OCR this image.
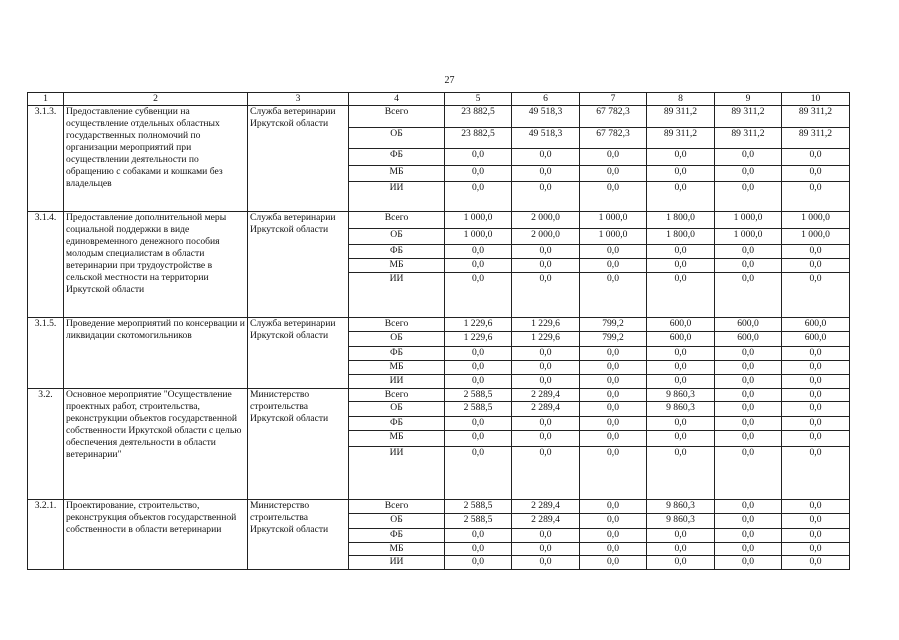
27
1	2	3	4	5	6	7	8	9	10
3.1.3.	Предоставление субвенции на осуществление отдельных областных государственных полномочий по организации мероприятий при осуществлении деятельности по обращению с собаками и кошками без владельцев	Служба ветеринарии Иркутской области	Всего	23 882,5	49 518,3	67 782,3	89 311,2	89 311,2	89 311,2
			ОБ	23 882,5	49 518,3	67 782,3	89 311,2	89 311,2	89 311,2
			ФБ	0,0	0,0	0,0	0,0	0,0	0,0
			МБ	0,0	0,0	0,0	0,0	0,0	0,0
			ИИ	0,0	0,0	0,0	0,0	0,0	0,0
3.1.4.	Предоставление дополнительной меры социальной поддержки в виде единовременного денежного пособия молодым специалистам в области ветеринарии при трудоустройстве в сельской местности на территории Иркутской области	Служба ветеринарии Иркутской области	Всего	1 000,0	2 000,0	1 000,0	1 800,0	1 000,0	1 000,0
			ОБ	1 000,0	2 000,0	1 000,0	1 800,0	1 000,0	1 000,0
			ФБ	0,0	0,0	0,0	0,0	0,0	0,0
			МБ	0,0	0,0	0,0	0,0	0,0	0,0
			ИИ	0,0	0,0	0,0	0,0	0,0	0,0
3.1.5.	Проведение мероприятий по консервации и ликвидации скотомогильников	Служба ветеринарии Иркутской области	Всего	1 229,6	1 229,6	799,2	600,0	600,0	600,0
			ОБ	1 229,6	1 229,6	799,2	600,0	600,0	600,0
			ФБ	0,0	0,0	0,0	0,0	0,0	0,0
			МБ	0,0	0,0	0,0	0,0	0,0	0,0
			ИИ	0,0	0,0	0,0	0,0	0,0	0,0
3.2.	Основное мероприятие "Осуществление проектных работ, строительства, реконструкции объектов государственной собственности Иркутской области с целью обеспечения деятельности в области ветеринарии"	Министерство строительства Иркутской области	Всего	2 588,5	2 289,4	0,0	9 860,3	0,0	0,0
			ОБ	2 588,5	2 289,4	0,0	9 860,3	0,0	0,0
			ФБ	0,0	0,0	0,0	0,0	0,0	0,0
			МБ	0,0	0,0	0,0	0,0	0,0	0,0
			ИИ	0,0	0,0	0,0	0,0	0,0	0,0
3.2.1.	Проектирование, строительство, реконструкция объектов государственной собственности в области ветеринарии	Министерство строительства Иркутской области	Всего	2 588,5	2 289,4	0,0	9 860,3	0,0	0,0
			ОБ	2 588,5	2 289,4	0,0	9 860,3	0,0	0,0
			ФБ	0,0	0,0	0,0	0,0	0,0	0,0
			МБ	0,0	0,0	0,0	0,0	0,0	0,0
			ИИ	0,0	0,0	0,0	0,0	0,0	0,0
